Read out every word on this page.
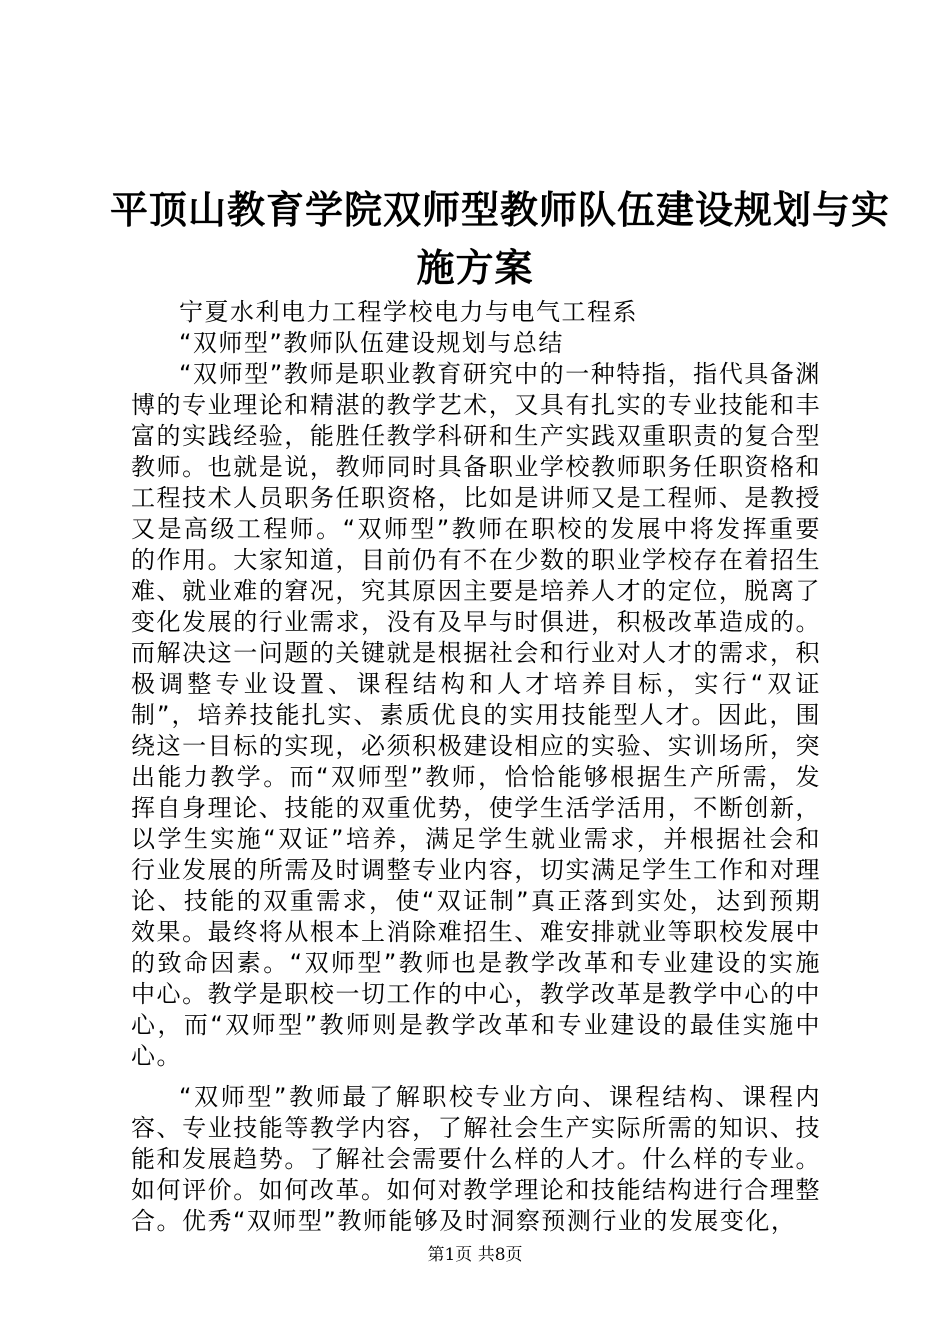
平顶山教育学院双师型教师队伍建设规划与实
施方案

宁夏水利电力工程学校电力与电气工程系

“双师型”教师队伍建设规划与总结

“双师型”教师是职业教育研究中的一种特指，指代具备渊博的专业理论和精湛的教学艺术，又具有扎实的专业技能和丰富的实践经验，能胜任教学科研和生产实践双重职责的复合型教师。也就是说，教师同时具备职业学校教师职务任职资格和工程技术人员职务任职资格，比如是讲师又是工程师、是教授又是高级工程师。“双师型”教师在职校的发展中将发挥重要的作用。大家知道，目前仍有不在少数的职业学校存在着招生难、就业难的窘况，究其原因主要是培养人才的定位，脱离了变化发展的行业需求，没有及早与时俱进，积极改革造成的。而解决这一问题的关键就是根据社会和行业对人才的需求，积极调整专业设置、课程结构和人才培养目标，实行“双证制”，培养技能扎实、素质优良的实用技能型人才。因此，围绕这一目标的实现，必须积极建设相应的实验、实训场所，突出能力教学。而“双师型”教师，恰恰能够根据生产所需，发挥自身理论、技能的双重优势，使学生活学活用，不断创新，以学生实施“双证”培养，满足学生就业需求，并根据社会和行业发展的所需及时调整专业内容，切实满足学生工作和对理论、技能的双重需求，使“双证制”真正落到实处，达到预期效果。最终将从根本上消除难招生、难安排就业等职校发展中的致命因素。“双师型”教师也是教学改革和专业建设的实施中心。教学是职校一切工作的中心，教学改革是教学中心的中心，而“双师型”教师则是教学改革和专业建设的最佳实施中心。

“双师型”教师最了解职校专业方向、课程结构、课程内容、专业技能等教学内容，了解社会生产实际所需的知识、技能和发展趋势。了解社会需要什么样的人才。什么样的专业。如何评价。如何改革。如何对教学理论和技能结构进行合理整合。优秀“双师型”教师能够及时洞察预测行业的发展变化，

第1页 共8页
